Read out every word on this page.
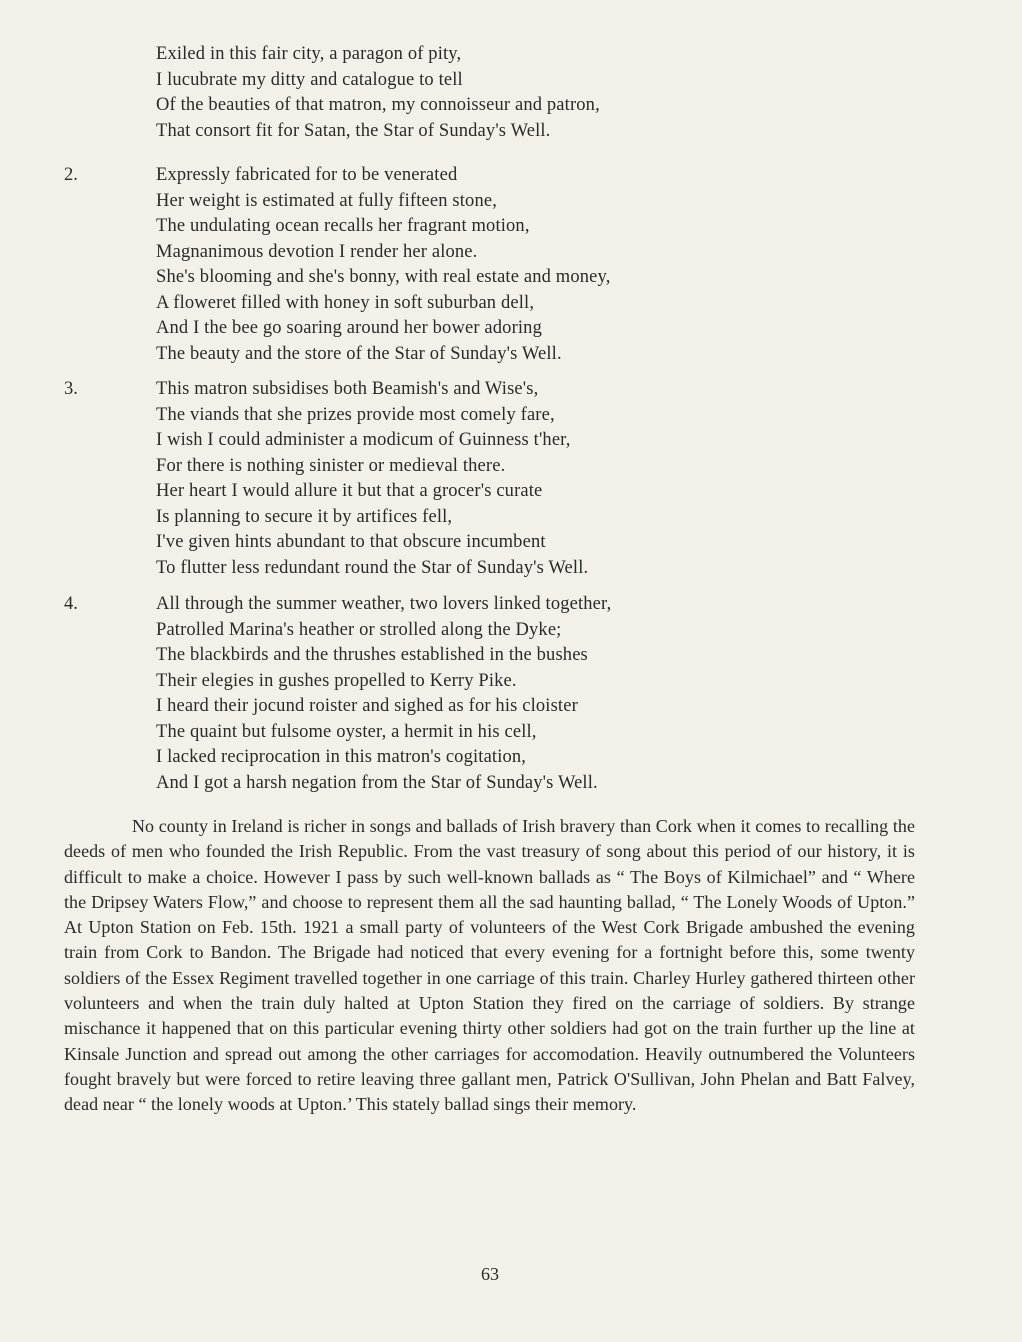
Exiled in this fair city, a paragon of pity,
I lucubrate my ditty and catalogue to tell
Of the beauties of that matron, my connoisseur and patron,
That consort fit for Satan, the Star of Sunday's Well.
2.	Expressly fabricated for to be venerated
Her weight is estimated at fully fifteen stone,
The undulating ocean recalls her fragrant motion,
Magnanimous devotion I render her alone.
She's blooming and she's bonny, with real estate and money,
A floweret filled with honey in soft suburban dell,
And I the bee go soaring around her bower adoring
The beauty and the store of the Star of Sunday's Well.
3.	This matron subsidises both Beamish's and Wise's,
The viands that she prizes provide most comely fare,
I wish I could administer a modicum of Guinness t'her,
For there is nothing sinister or medieval there.
Her heart I would allure it but that a grocer's curate
Is planning to secure it by artifices fell,
I've given hints abundant to that obscure incumbent
To flutter less redundant round the Star of Sunday's Well.
4.	All through the summer weather, two lovers linked together,
Patrolled Marina's heather or strolled along the Dyke;
The blackbirds and the thrushes established in the bushes
Their elegies in gushes propelled to Kerry Pike.
I heard their jocund roister and sighed as for his cloister
The quaint but fulsome oyster, a hermit in his cell,
I lacked reciprocation in this matron's cogitation,
And I got a harsh negation from the Star of Sunday's Well.

No county in Ireland is richer in songs and ballads of Irish bravery than Cork when it comes to recalling the deeds of men who founded the Irish Republic. From the vast treasury of song about this period of our history, it is difficult to make a choice. However I pass by such well-known ballads as “ The Boys of Kilmichael” and “ Where the Dripsey Waters Flow,” and choose to represent them all the sad haunting ballad, “ The Lonely Woods of Upton.” At Upton Station on Feb. 15th. 1921 a small party of volunteers of the West Cork Brigade ambushed the evening train from Cork to Bandon. The Brigade had noticed that every evening for a fortnight before this, some twenty soldiers of the Essex Regiment travelled together in one carriage of this train. Charley Hurley gathered thirteen other volunteers and when the train duly halted at Upton Station they fired on the carriage of soldiers. By strange mischance it happened that on this particular evening thirty other soldiers had got on the train further up the line at Kinsale Junction and spread out among the other carriages for accomodation. Heavily outnumbered the Volunteers fought bravely but were forced to retire leaving three gallant men, Patrick O'Sullivan, John Phelan and Batt Falvey, dead near “ the lonely woods at Upton.’ This stately ballad sings their memory.

63
